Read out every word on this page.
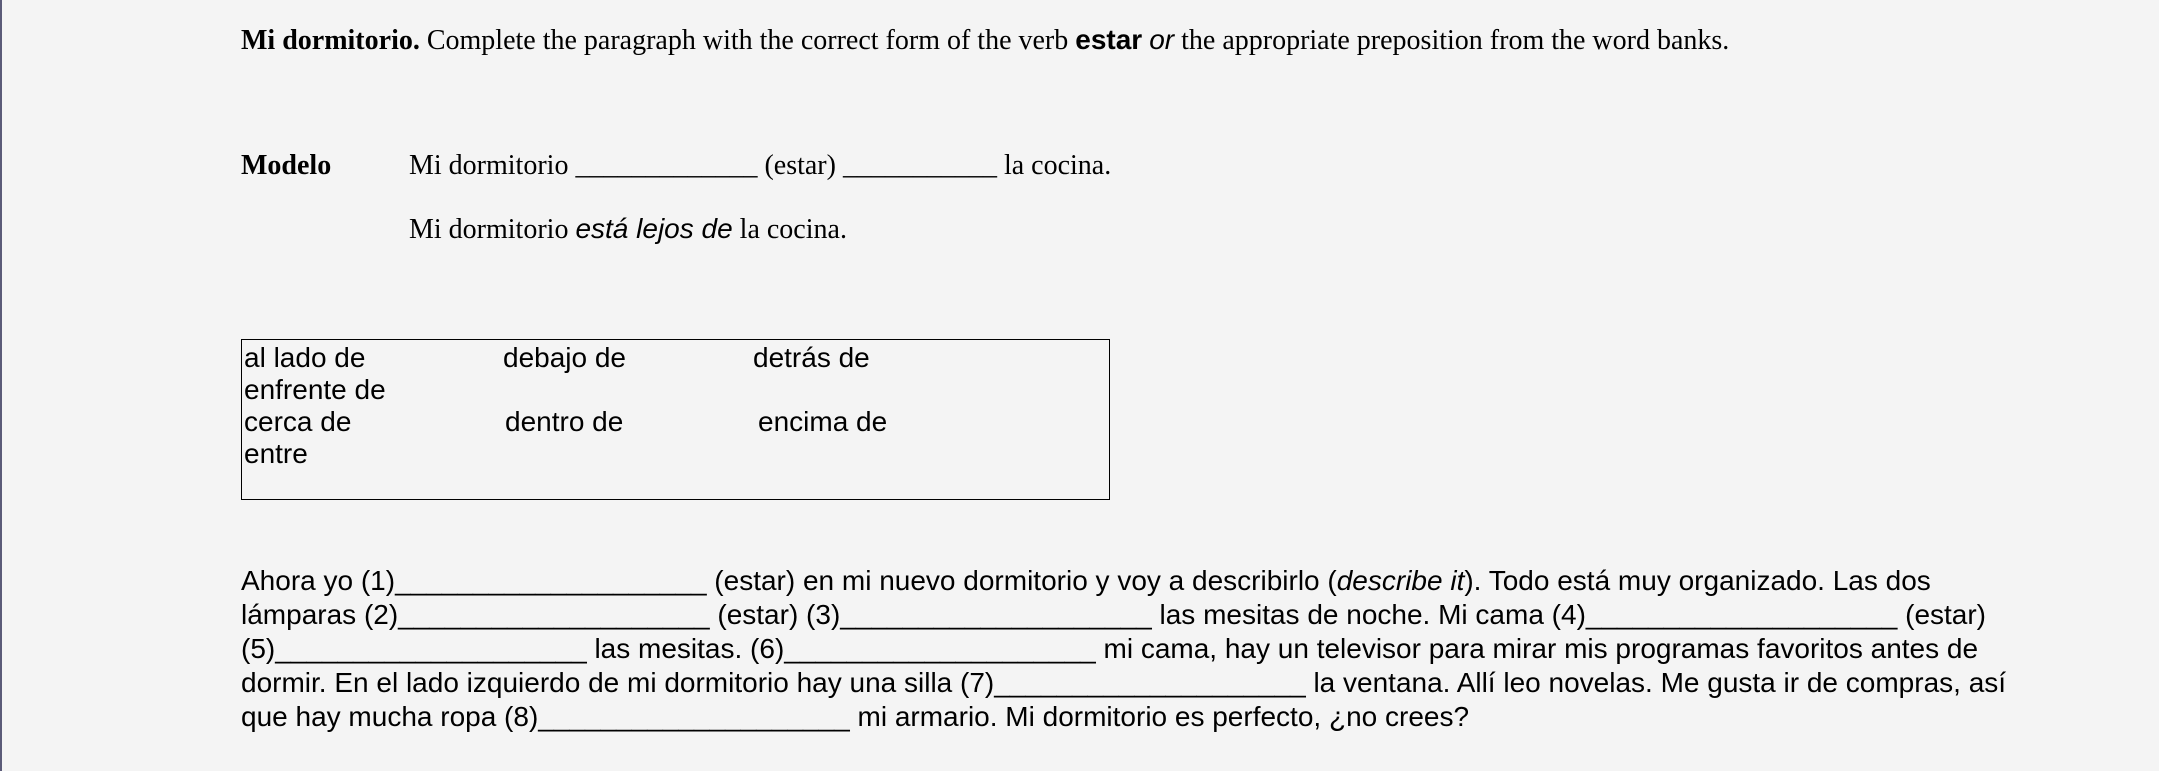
Mi dormitorio. Complete the paragraph with the correct form of the verb estar or the appropriate preposition from the word banks.
Modelo	Mi dormitorio _____________ (estar) ___________ la cocina.
Mi dormitorio está lejos de la cocina.
al lado de	debajo de	detrás de
enfrente de
cerca de	dentro de	encima de
entre
Ahora yo (1)____________________ (estar) en mi nuevo dormitorio y voy a describirlo (describe it). Todo está muy organizado. Las dos
lámparas (2)____________________ (estar) (3)____________________ las mesitas de noche. Mi cama (4)____________________ (estar)
(5)____________________ las mesitas. (6)____________________ mi cama, hay un televisor para mirar mis programas favoritos antes de
dormir. En el lado izquierdo de mi dormitorio hay una silla (7)____________________ la ventana. Allí leo novelas. Me gusta ir de compras, así
que hay mucha ropa (8)____________________ mi armario. Mi dormitorio es perfecto, ¿no crees?
